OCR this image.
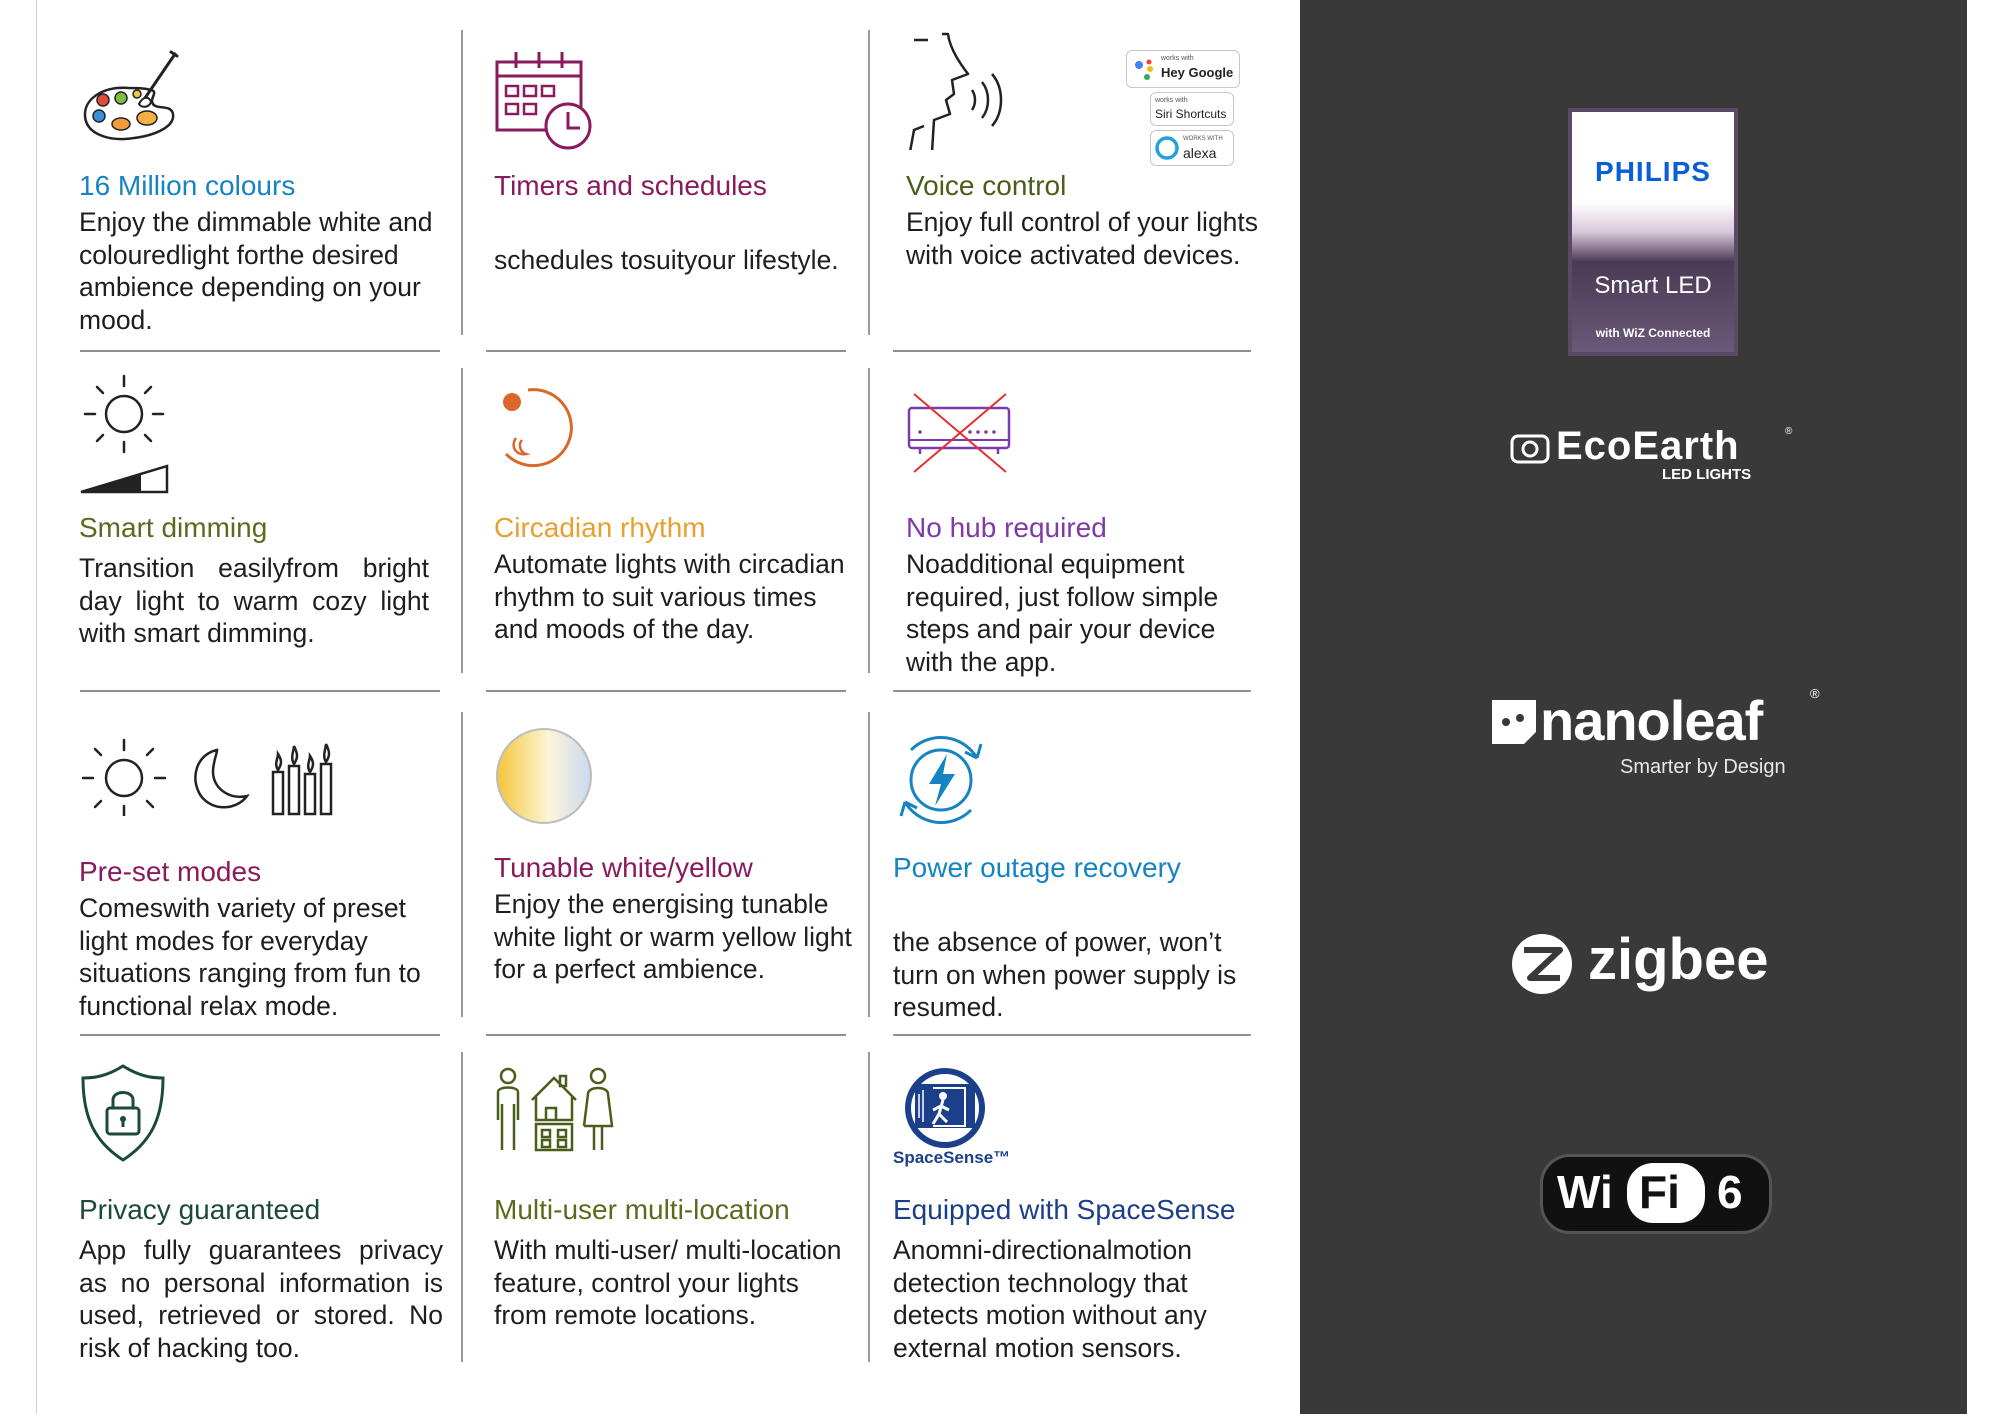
16 Million colours
Enjoy the dimmable white and colouredlight forthe desired ambience depending on your mood.
Timers and schedules
schedules tosuityour lifestyle.
works with
Hey Google
works with
Siri Shortcuts
WORKS WITH
alexa
Voice control
Enjoy full control of your lights with voice activated devices.
Smart dimming
Transition easilyfrom bright day light to warm cozy light with smart dimming.
Circadian rhythm
Automate lights with circadian rhythm to suit various times and moods of the day.
No hub required
Noadditional equipment required, just follow simple steps and pair your device with the app.
Pre-set modes
Comeswith variety of preset light modes for everyday situations ranging from fun to functional relax mode.
Tunable white/yellow
Enjoy the energising tunable white light or warm yellow light for a perfect ambience.
Power outage recovery
the absence of power, won’t turn on when power supply is resumed.
Privacy guaranteed
App fully guarantees privacy as no personal information is used, retrieved or stored. No risk of hacking too.
Multi-user multi-location
With multi-user/ multi-location feature, control your lights from remote locations.
SpaceSense™
Equipped with SpaceSense
Anomni-directionalmotion detection technology that detects motion without any external motion sensors.
PHILIPS
Smart LED
with WiZ Connected
EcoEarth	®
LED LIGHTS
nanoleaf	®
Smarter by Design
zigbee
Wi Fi 6
